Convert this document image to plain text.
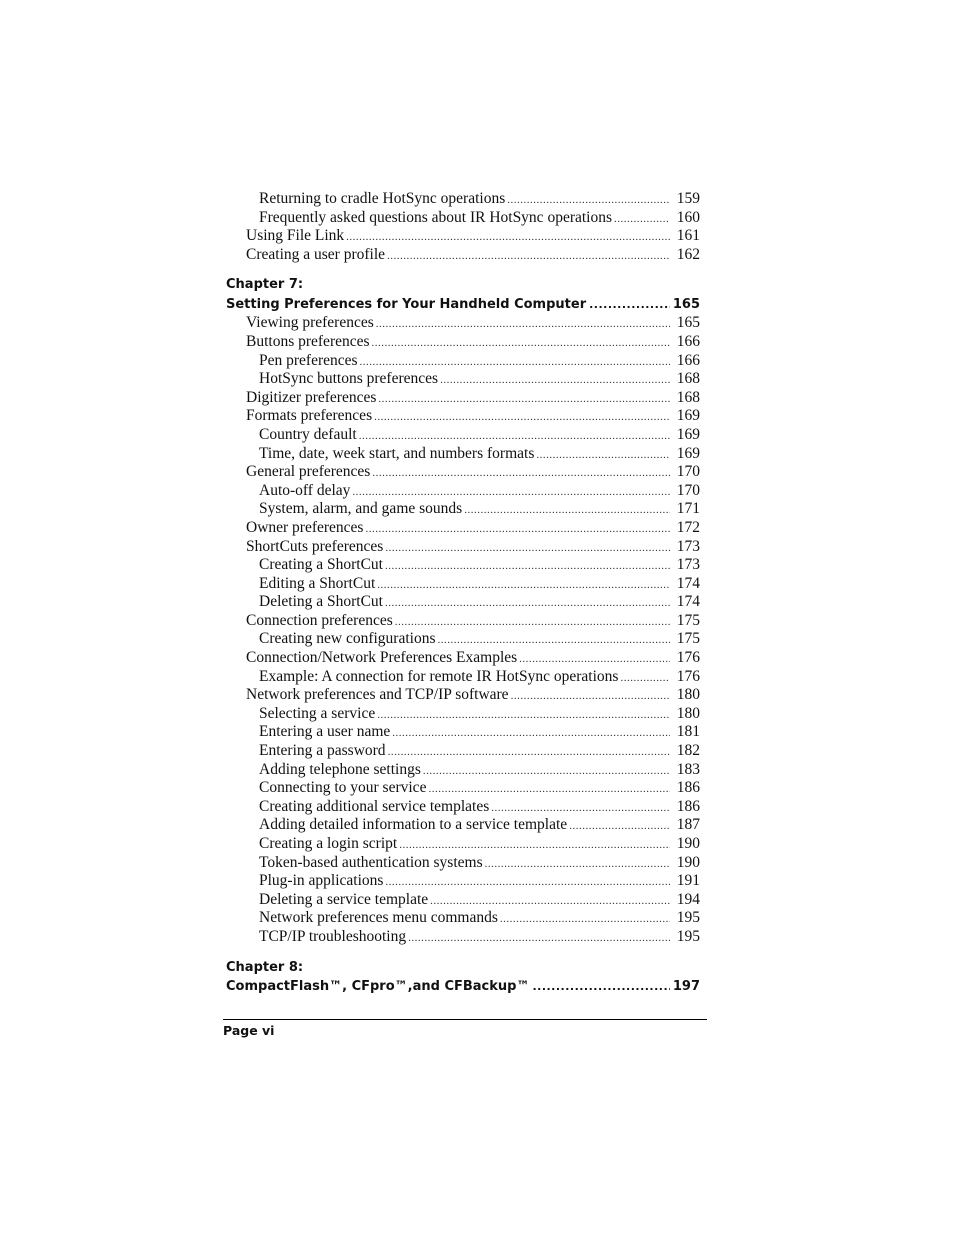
Returning to cradle HotSync operations .....	159
Frequently asked questions about IR HotSync operations .....	160
Using File Link .....	161
Creating a user profile .....	162
Chapter 7:
Setting Preferences for Your Handheld Computer .....	165
Viewing preferences .....	165
Buttons preferences .....	166
Pen preferences .....	166
HotSync buttons preferences .....	168
Digitizer preferences .....	168
Formats preferences .....	169
Country default .....	169
Time, date, week start, and numbers formats .....	169
General preferences .....	170
Auto-off delay .....	170
System, alarm, and game sounds .....	171
Owner preferences .....	172
ShortCuts preferences .....	173
Creating a ShortCut .....	173
Editing a ShortCut .....	174
Deleting a ShortCut .....	174
Connection preferences .....	175
Creating new configurations .....	175
Connection/Network Preferences Examples .....	176
Example: A connection for remote IR HotSync operations .....	176
Network preferences and TCP/IP software .....	180
Selecting a service .....	180
Entering a user name .....	181
Entering a password .....	182
Adding telephone settings .....	183
Connecting to your service .....	186
Creating additional service templates .....	186
Adding detailed information to a service template .....	187
Creating a login script .....	190
Token-based authentication systems .....	190
Plug-in applications .....	191
Deleting a service template .....	194
Network preferences menu commands .....	195
TCP/IP troubleshooting .....	195
Chapter 8:
CompactFlash™, CFpro™,and CFBackup™ .....	197
Page vi
